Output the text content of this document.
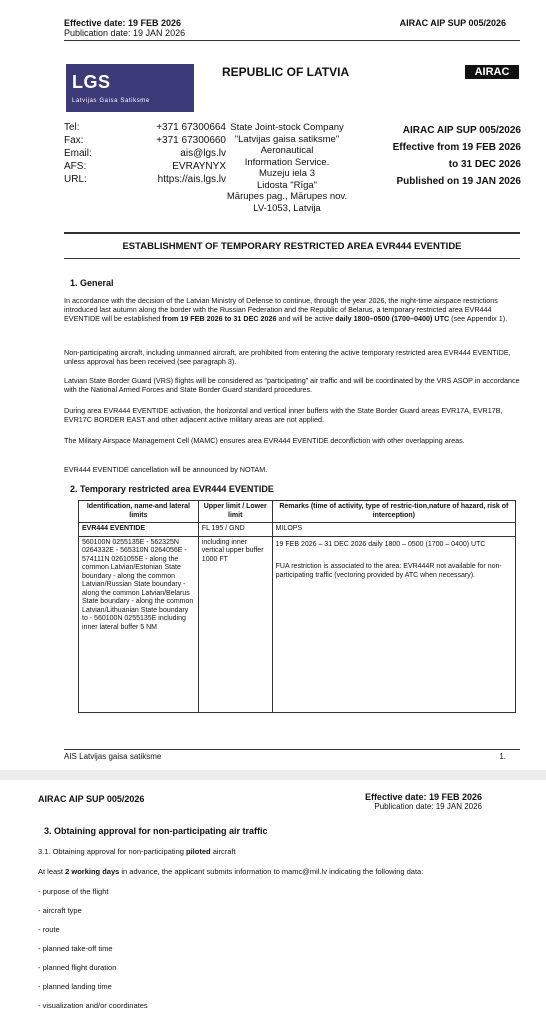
Effective date: 19 FEB 2026
Publication date: 19 JAN 2026
AIRAC AIP SUP 005/2026
LGS
Latvijas Gaisa Satiksme
REPUBLIC OF LATVIA	AIRAC
Tel:	+371 67300664
Fax:	+371 67300660
Email:	ais@lgs.lv
AFS:	EVRAYNYX
URL:	https://ais.lgs.lv
State Joint-stock Company
"Latvijas gaisa satiksme"
Aeronautical
Information Service.
Muzeju iela 3
Lidosta "Rīga"
Mārupes pag., Mārupes nov.
LV-1053, Latvija
AIRAC AIP SUP 005/2026
Effective from 19 FEB 2026
to 31 DEC 2026
Published on 19 JAN 2026
ESTABLISHMENT OF TEMPORARY RESTRICTED AREA EVR444 EVENTIDE
1. General
In accordance with the decision of the Latvian Ministry of Defense to continue, through the year 2026, the night-time airspace restrictions introduced last autumn along the border with the Russian Federation and the Republic of Belarus, a temporary restricted area EVR444 EVENTIDE will be established from 19 FEB 2026 to 31 DEC 2026 and will be active daily 1800–0500 (1700–0400) UTC (see Appendix 1).
Non-participating aircraft, including unmanned aircraft, are prohibited from entering the active temporary restricted area EVR444 EVENTIDE, unless approval has been received (see paragraph 3).
Latvian State Border Guard (VRS) flights will be considered as “participating” air traffic and will be coordinated by the VRS ASOP in accordance with the National Armed Forces and State Border Guard standard procedures.
During area EVR444 EVENTIDE activation, the horizontal and vertical inner buffers with the State Border Guard areas EVR17A, EVR17B, EVR17C BORDER EAST and other adjacent active military areas are not applied.
The Military Airspace Management Cell (MAMC) ensures area EVR444 EVENTIDE deconfliction with other overlapping areas.
EVR444 EVENTIDE cancellation will be announced by NOTAM.
2. Temporary restricted area EVR444 EVENTIDE
Identification, name-and lateral limits	Upper limit / Lower limit	Remarks (time of activity, type of restric-tion,nature of hazard, risk of interception)
EVR444 EVENTIDE	FL 195 / GND	MILOPS
560100N 0255135E - 562325N 0264332E - 565310N 0264056E - 574111N 0261055E - along the common Latvian/Estonian State boundary - along the common Latvian/Russian State boundary - along the common Latvian/Belarus State boundary - along the common Latvian/Lithuanian State boundary to - 560100N 0255135E including inner lateral buffer 5 NM	including inner vertical upper buffer 1000 FT	19 FEB 2026 – 31 DEC 2026 daily 1800 – 0500 (1700 – 0400) UTC
FUA restriction is associated to the area: EVR444R not available for non-participating traffic (vectoring provided by ATC when necessary).
AIS Latvijas gaisa satiksme	1.
AIRAC AIP SUP 005/2026	Effective date: 19 FEB 2026
Publication date: 19 JAN 2026
3. Obtaining approval for non-participating air traffic
3.1. Obtaining approval for non-participating piloted aircraft
At least 2 working days in advance, the applicant submits information to mamc@mil.lv indicating the following data:
- purpose of the flight
- aircraft type
- route
- planned take-off time
- planned flight duration
- planned landing time
- visualization and/or coordinates
